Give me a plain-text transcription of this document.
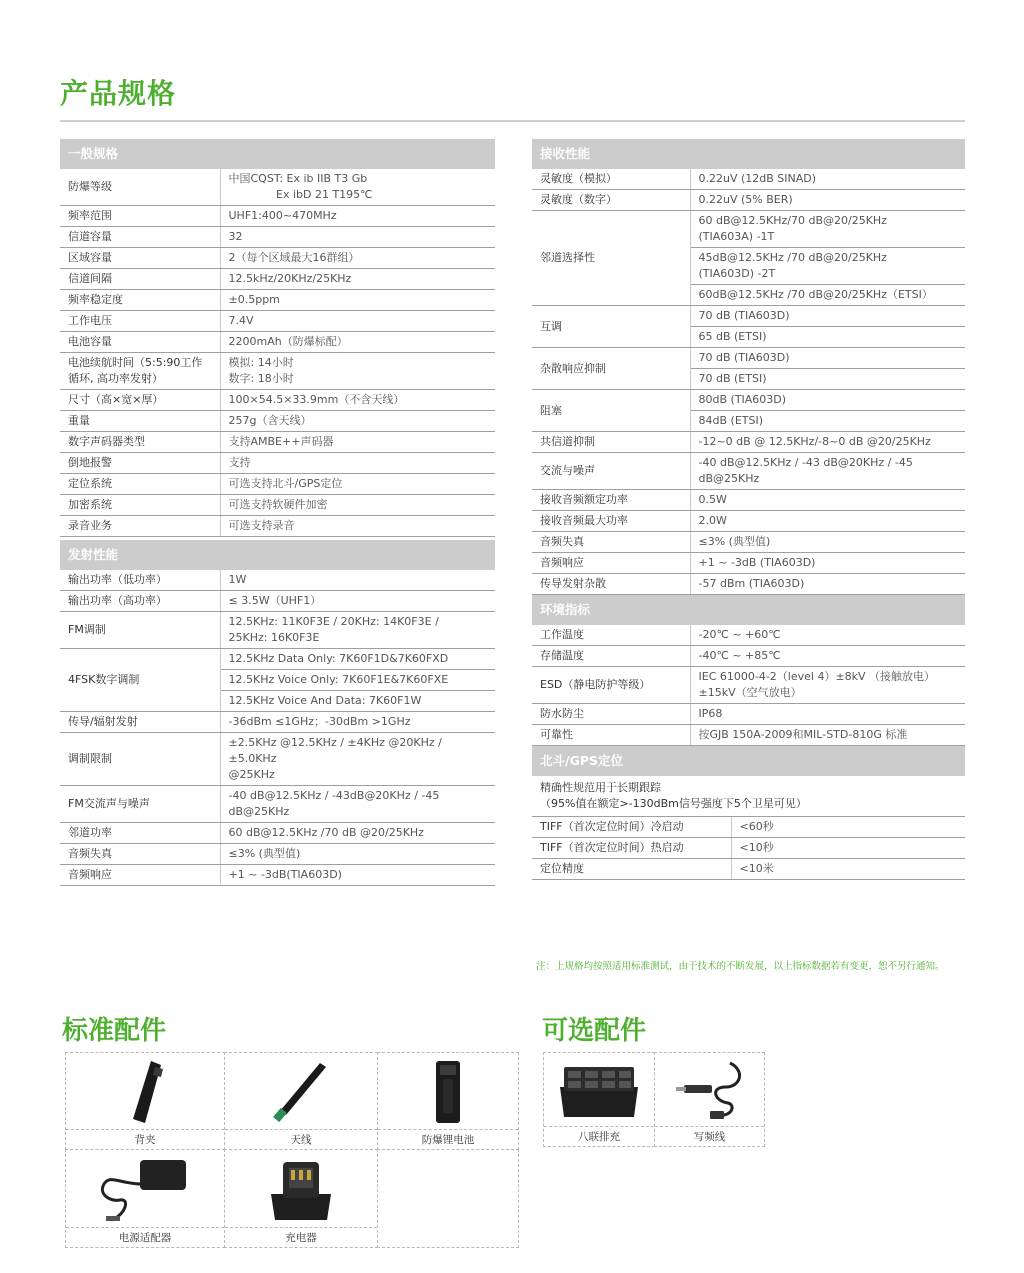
产品规格
一般规格
防爆等级	中国CQST: Ex ib IIB T3 Gb
　　　　 Ex ibD 21 T195℃

频率范围	UHF1:400~470MHz

信道容量	32

区域容量	2（每个区域最大16群组）

信道间隔	12.5kHz/20KHz/25KHz

频率稳定度	±0.5ppm

工作电压	7.4V

电池容量	2200mAh（防爆标配）

电池续航时间（5:5:90工作循环, 高功率发射）	模拟: 14小时
数字: 18小时

尺寸（高×宽×厚）	100×54.5×33.9mm（不含天线）

重量	257g（含天线）

数字声码器类型	支持AMBE++声码器

倒地报警	支持

定位系统	可选支持北斗/GPS定位

加密系统	可选支持软硬件加密

录音业务	可选支持录音
发射性能
输出功率（低功率）	1W

输出功率（高功率）	≤ 3.5W（UHF1）

FM调制	12.5KHz: 11K0F3E / 20KHz: 14K0F3E /
25KHz: 16K0F3E

4FSK数字调制	12.5KHz Data Only: 7K60F1D&7K60FXD

	12.5KHz Voice Only: 7K60F1E&7K60FXE

	12.5KHz Voice And Data: 7K60F1W

传导/辐射发射	-36dBm ≤1GHz；-30dBm >1GHz

调制限制	±2.5KHz @12.5KHz / ±4KHz @20KHz / ±5.0KHz
@25KHz

FM交流声与噪声	-40 dB@12.5KHz / -43dB@20KHz / -45
dB@25KHz

邻道功率	60 dB@12.5KHz /70 dB @20/25KHz

音频失真	≤3% (典型值)

音频响应	+1 ~ -3dB(TIA603D)
接收性能
灵敏度（模拟）	0.22uV (12dB SINAD)

灵敏度（数字）	0.22uV (5% BER)

邻道选择性	60 dB@12.5KHz/70 dB@20/25KHz
(TIA603A) -1T

	45dB@12.5KHz /70 dB@20/25KHz
(TIA603D) -2T

	60dB@12.5KHz /70 dB@20/25KHz（ETSI）

互调	70 dB (TIA603D)

	65 dB (ETSI)

杂散响应抑制	70 dB (TIA603D)

	70 dB (ETSI)

阻塞	80dB (TIA603D)

	84dB (ETSI)

共信道抑制	-12~0 dB @ 12.5KHz/-8~0 dB @20/25KHz

交流与噪声	-40 dB@12.5KHz / -43 dB@20KHz / -45
dB@25KHz

接收音频额定功率	0.5W

接收音频最大功率	2.0W

音频失真	≤3% (典型值)

音频响应	+1 ~ -3dB (TIA603D)

传导发射杂散	-57 dBm (TIA603D)
环境指标
工作温度	-20℃ ~ +60℃

存储温度	-40℃ ~ +85℃

ESD（静电防护等级）	IEC 61000-4-2（level 4）±8kV （接触放电）
±15kV（空气放电）

防水防尘	IP68

可靠性	按GJB 150A-2009和MIL-STD-810G 标准
北斗/GPS定位
精确性规范用于长期跟踪
（95%值在额定>-130dBm信号强度下5个卫星可见）
TIFF（首次定位时间）冷启动	<60秒

TIFF（首次定位时间）热启动	<10秒

定位精度	<10米
注：上规格均按照适用标准测试，由于技术的不断发展，以上指标数据若有变更，恕不另行通知。
标准配件	可选配件
背夹	天线	防爆锂电池
电源适配器	充电器
八联排充	写频线
